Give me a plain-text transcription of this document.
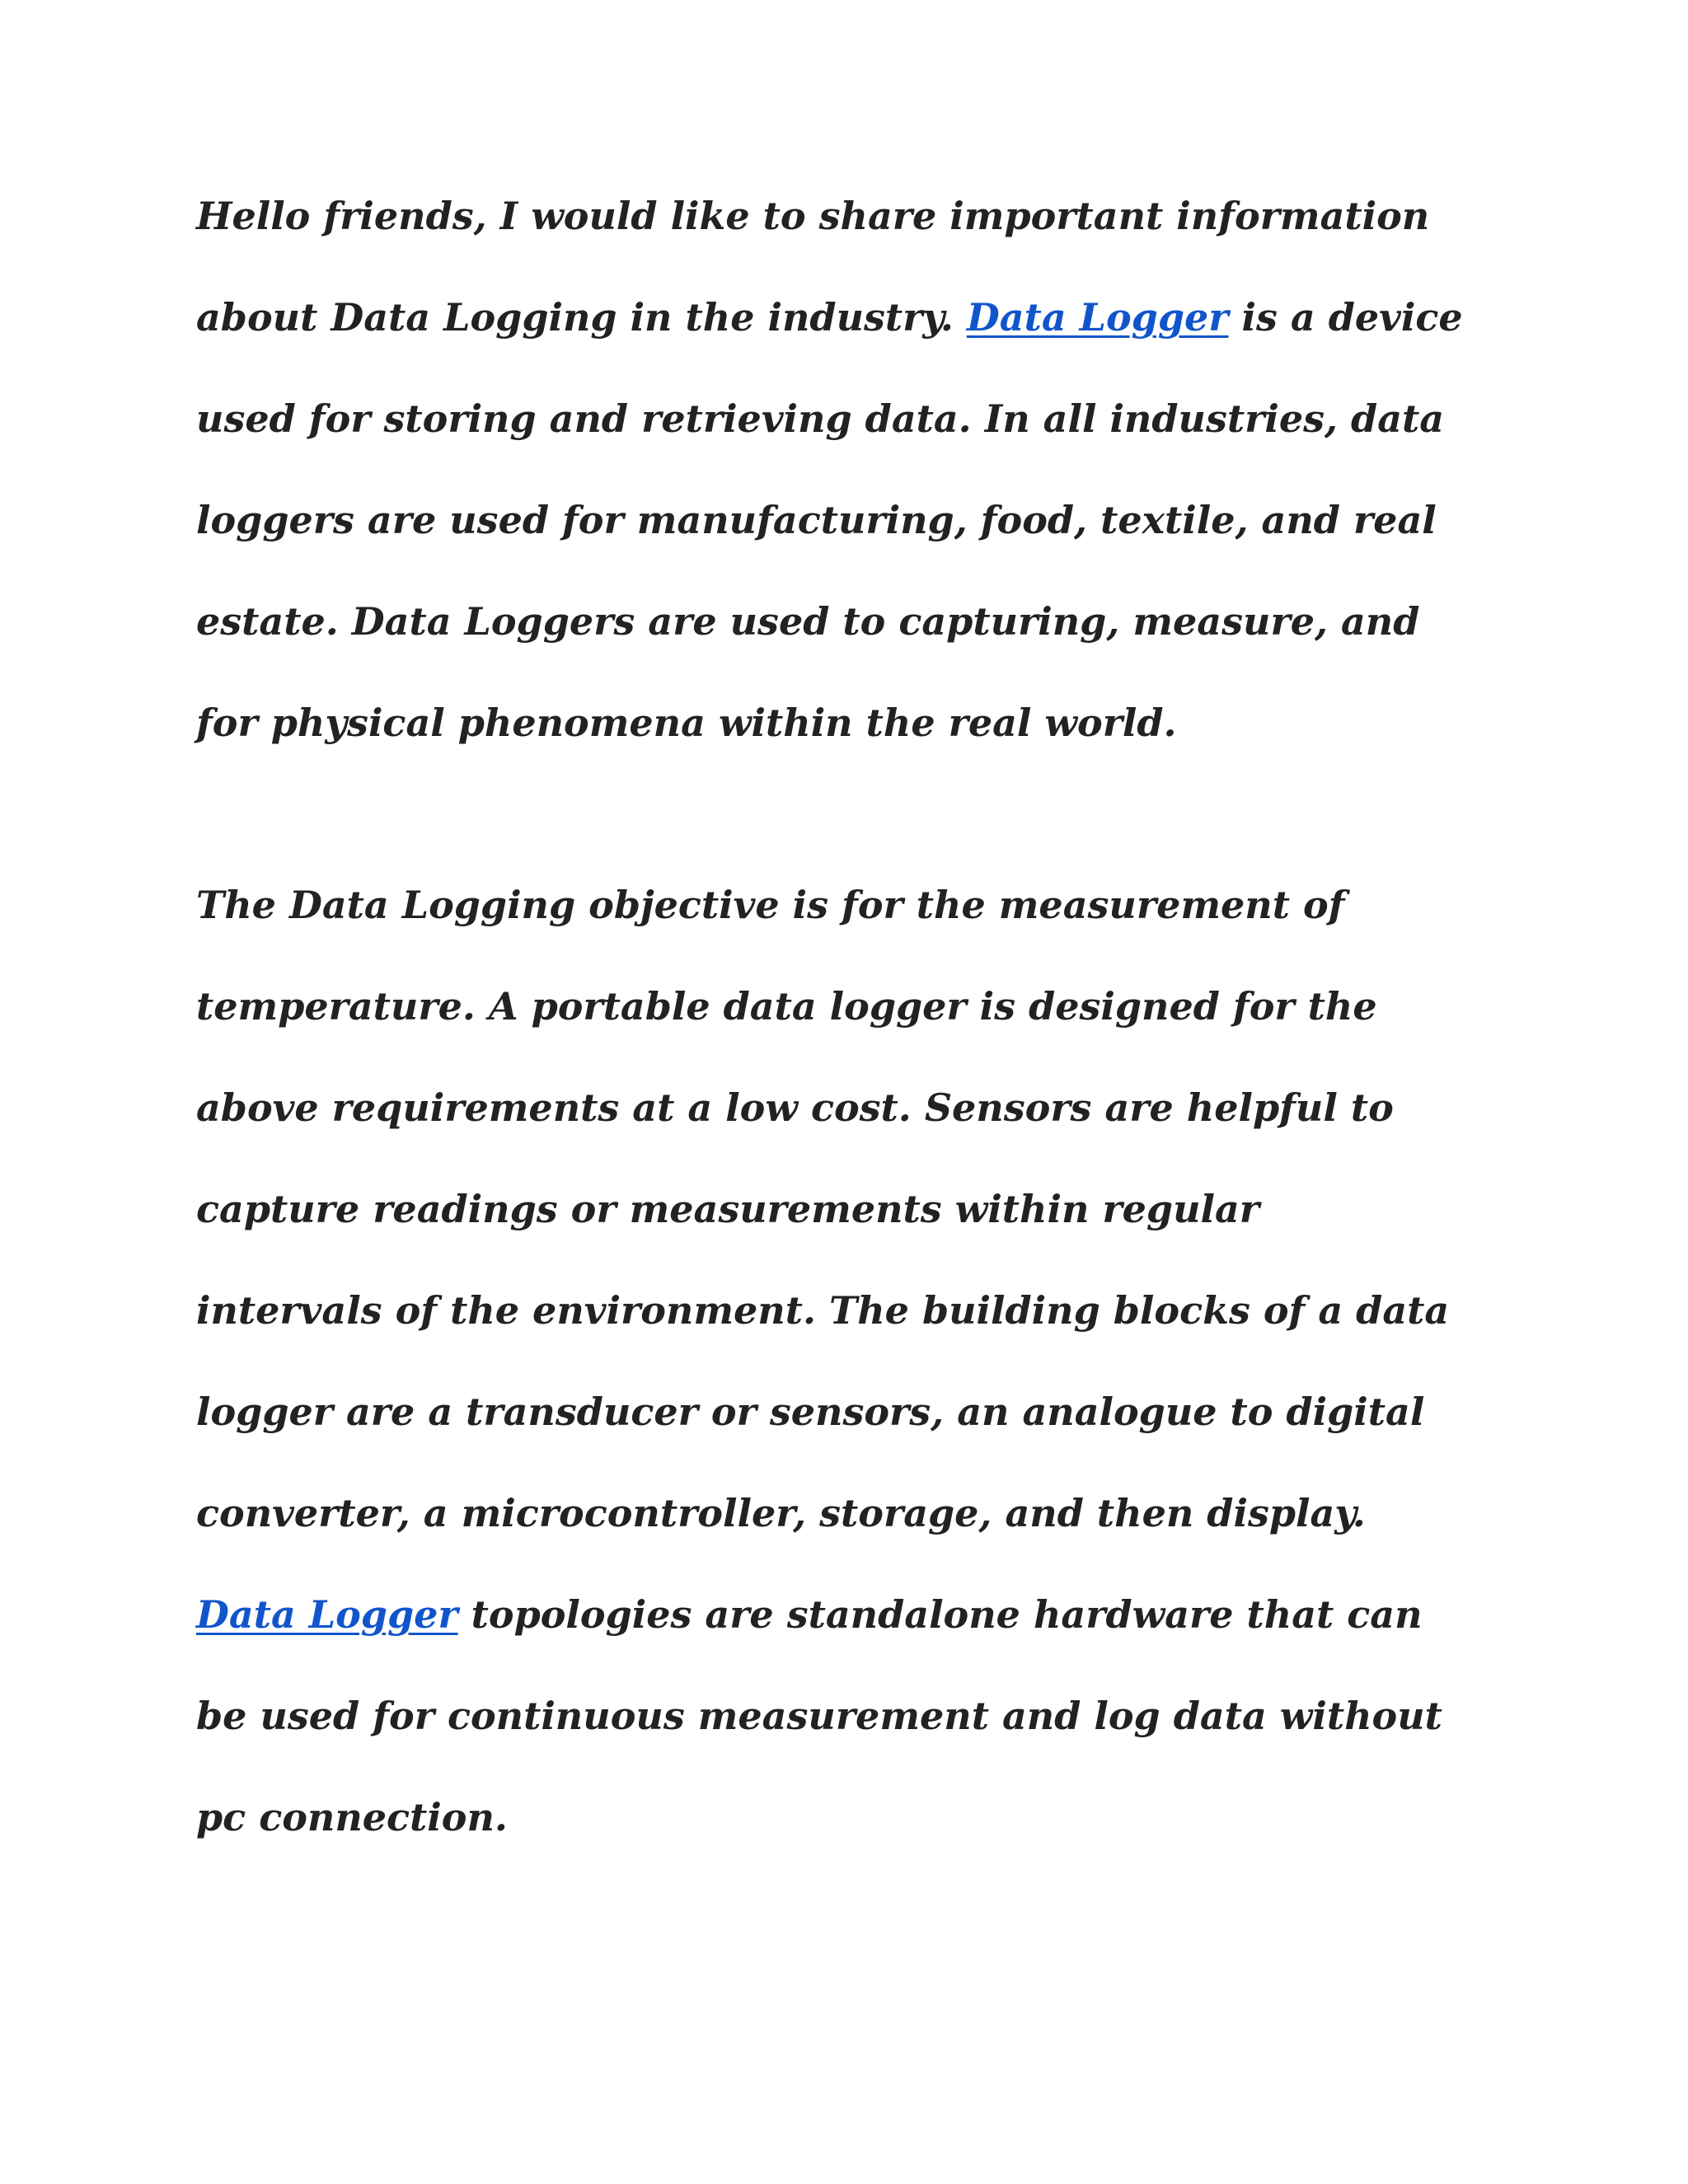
Hello friends, I would like to share important information
about Data Logging in the industry. Data Logger is a device
used for storing and retrieving data. In all industries, data
loggers are used for manufacturing, food, textile, and real
estate. Data Loggers are used to capturing, measure, and
for physical phenomena within the real world.
The Data Logging objective is for the measurement of
temperature. A portable data logger is designed for the
above requirements at a low cost. Sensors are helpful to
capture readings or measurements within regular
intervals of the environment. The building blocks of a data
logger are a transducer or sensors, an analogue to digital
converter, a microcontroller, storage, and then display.
Data Logger topologies are standalone hardware that can
be used for continuous measurement and log data without
pc connection.
